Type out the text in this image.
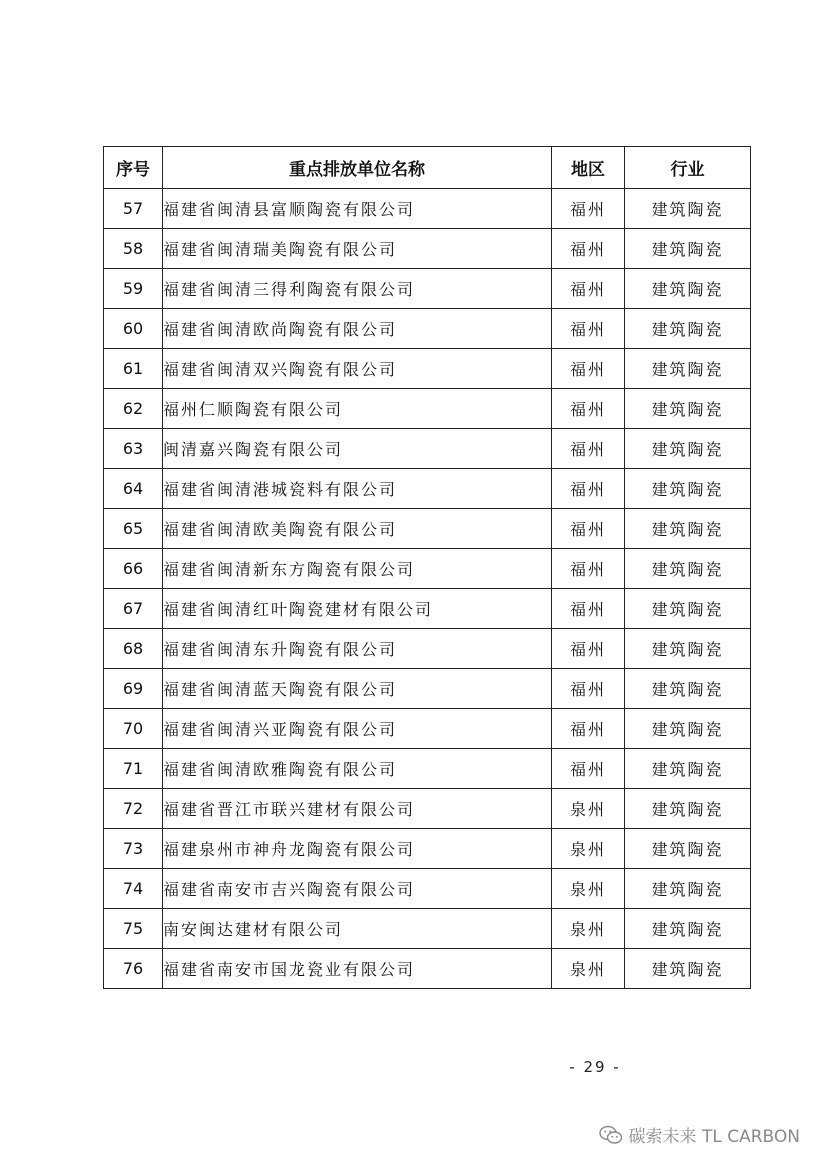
序号	重点排放单位名称	地区	行业
57	福建省闽清县富顺陶瓷有限公司	福州	建筑陶瓷
58	福建省闽清瑞美陶瓷有限公司	福州	建筑陶瓷
59	福建省闽清三得利陶瓷有限公司	福州	建筑陶瓷
60	福建省闽清欧尚陶瓷有限公司	福州	建筑陶瓷
61	福建省闽清双兴陶瓷有限公司	福州	建筑陶瓷
62	福州仁顺陶瓷有限公司	福州	建筑陶瓷
63	闽清嘉兴陶瓷有限公司	福州	建筑陶瓷
64	福建省闽清港城瓷料有限公司	福州	建筑陶瓷
65	福建省闽清欧美陶瓷有限公司	福州	建筑陶瓷
66	福建省闽清新东方陶瓷有限公司	福州	建筑陶瓷
67	福建省闽清红叶陶瓷建材有限公司	福州	建筑陶瓷
68	福建省闽清东升陶瓷有限公司	福州	建筑陶瓷
69	福建省闽清蓝天陶瓷有限公司	福州	建筑陶瓷
70	福建省闽清兴亚陶瓷有限公司	福州	建筑陶瓷
71	福建省闽清欧雅陶瓷有限公司	福州	建筑陶瓷
72	福建省晋江市联兴建材有限公司	泉州	建筑陶瓷
73	福建泉州市神舟龙陶瓷有限公司	泉州	建筑陶瓷
74	福建省南安市吉兴陶瓷有限公司	泉州	建筑陶瓷
75	南安闽达建材有限公司	泉州	建筑陶瓷
76	福建省南安市国龙瓷业有限公司	泉州	建筑陶瓷
- 29 -
碳索未来 TL CARBON
